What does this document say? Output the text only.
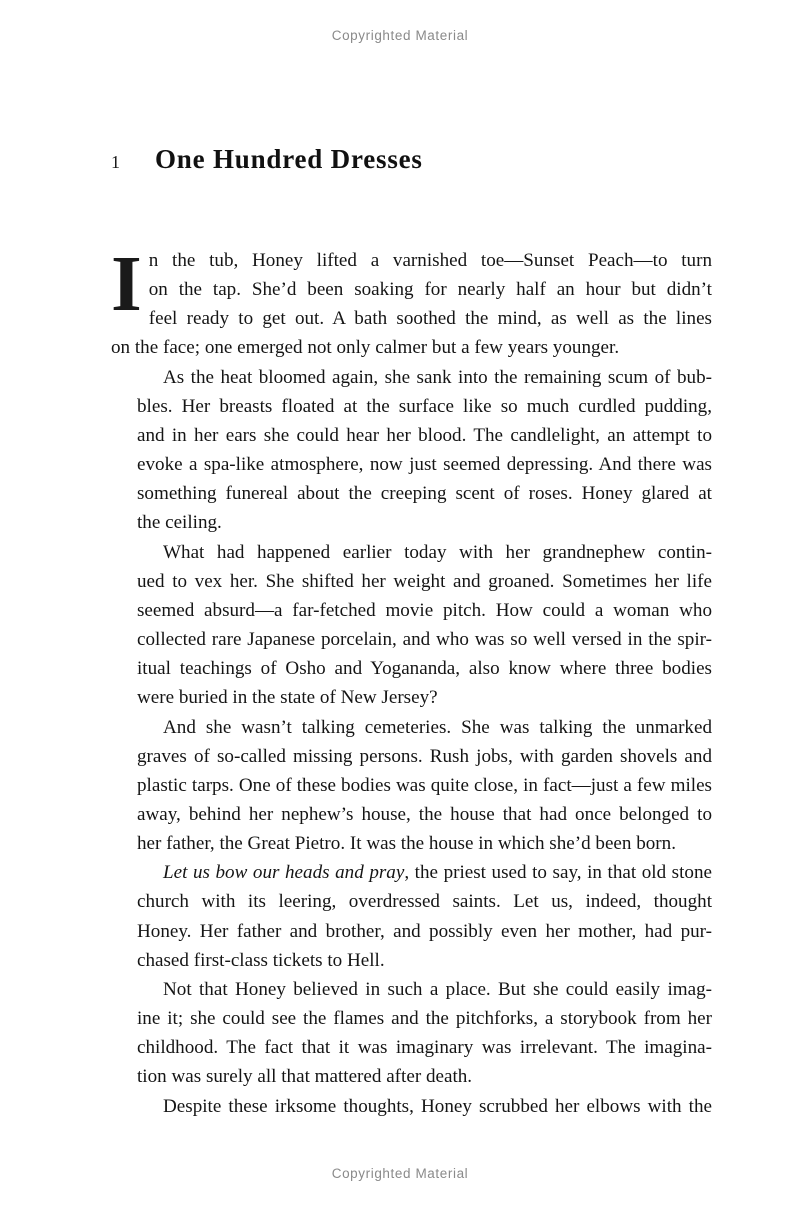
Copyrighted Material
1	One Hundred Dresses

I n the tub, Honey lifted a varnished toe—Sunset Peach—to turn
on the tap. She’d been soaking for nearly half an hour but didn’t
feel ready to get out. A bath soothed the mind, as well as the lines
on the face; one emerged not only calmer but a few years younger.

As the heat bloomed again, she sank into the remaining scum of bub-
bles. Her breasts floated at the surface like so much curdled pudding,
and in her ears she could hear her blood. The candlelight, an attempt to
evoke a spa-like atmosphere, now just seemed depressing. And there was
something funereal about the creeping scent of roses. Honey glared at
the ceiling.

What had happened earlier today with her grandnephew contin-
ued to vex her. She shifted her weight and groaned. Sometimes her life
seemed absurd—a far-fetched movie pitch. How could a woman who
collected rare Japanese porcelain, and who was so well versed in the spir-
itual teachings of Osho and Yogananda, also know where three bodies
were buried in the state of New Jersey?

And she wasn’t talking cemeteries. She was talking the unmarked
graves of so-called missing persons. Rush jobs, with garden shovels and
plastic tarps. One of these bodies was quite close, in fact—just a few miles
away, behind her nephew’s house, the house that had once belonged to
her father, the Great Pietro. It was the house in which she’d been born.

Let us bow our heads and pray, the priest used to say, in that old stone
church with its leering, overdressed saints. Let us, indeed, thought
Honey. Her father and brother, and possibly even her mother, had pur-
chased first-class tickets to Hell.

Not that Honey believed in such a place. But she could easily imag-
ine it; she could see the flames and the pitchforks, a storybook from her
childhood. The fact that it was imaginary was irrelevant. The imagina-
tion was surely all that mattered after death.

Despite these irksome thoughts, Honey scrubbed her elbows with the

Copyrighted Material
